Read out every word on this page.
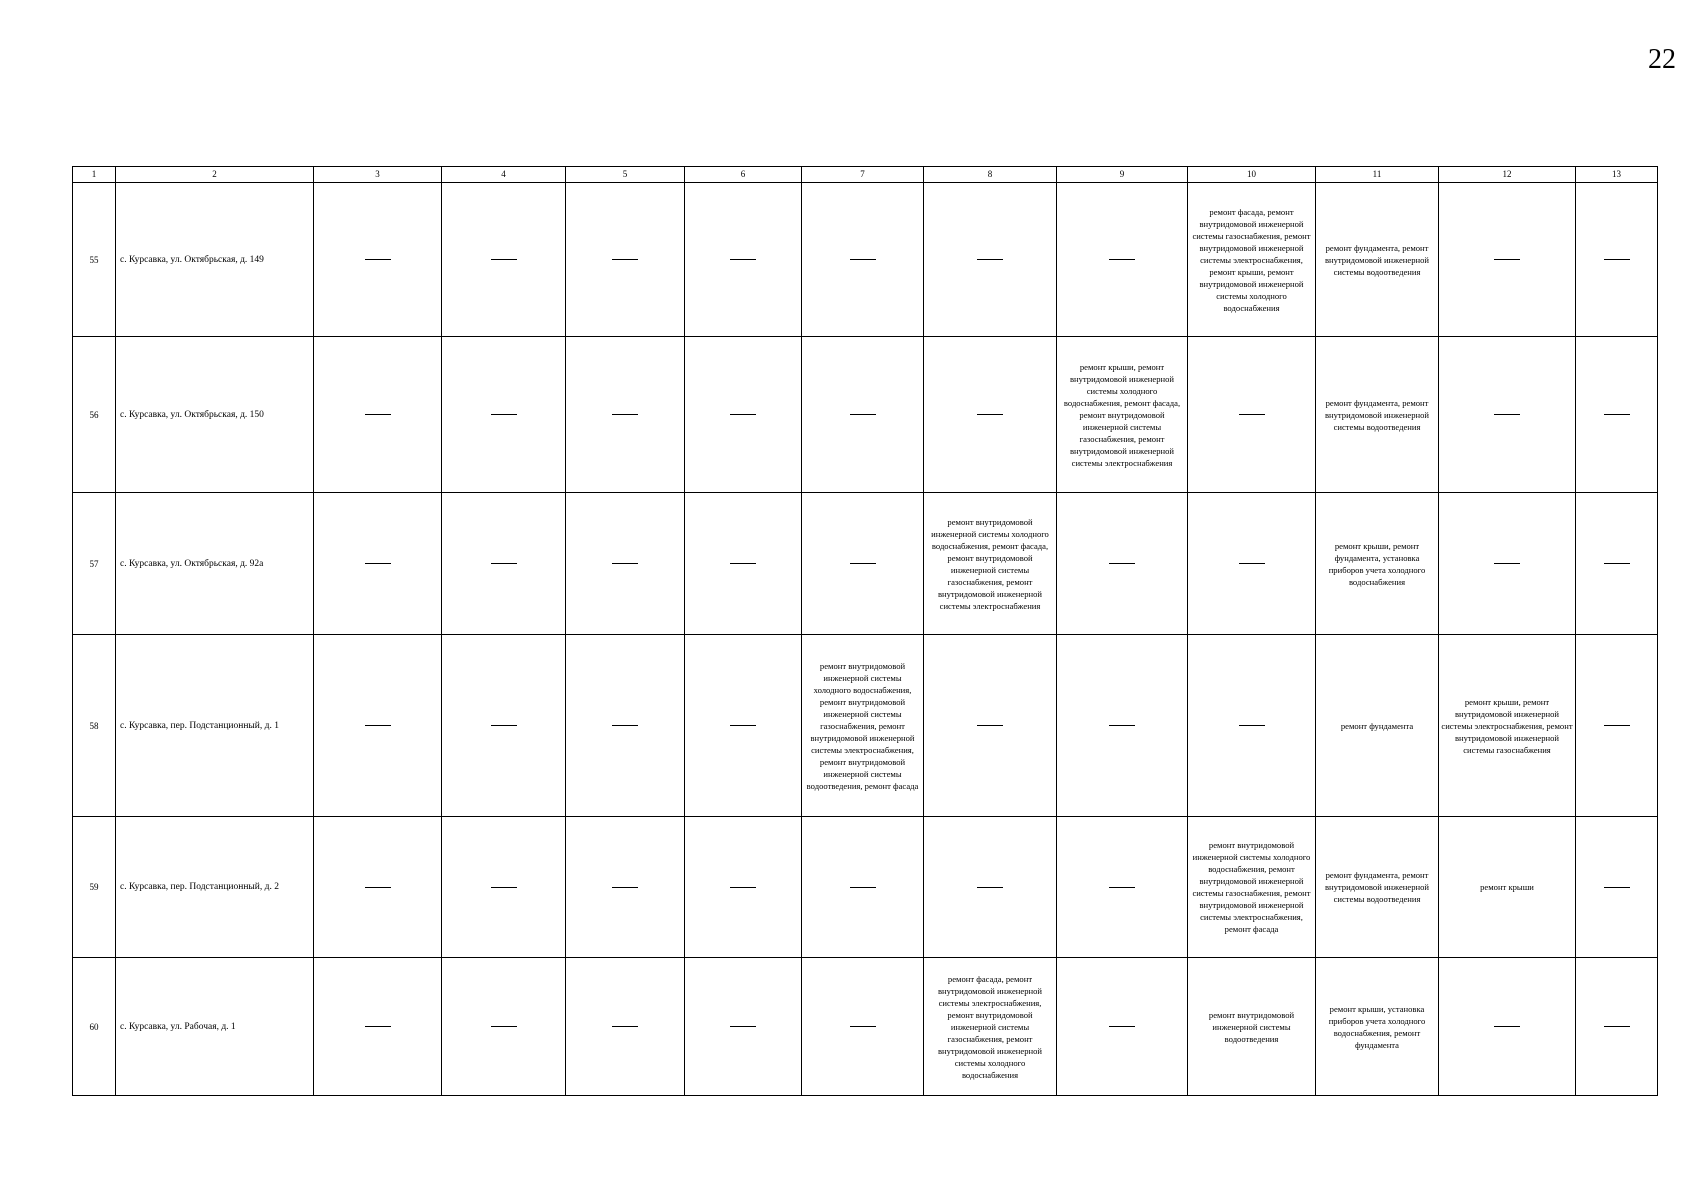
22
1	2	3	4	5	6	7	8	9	10	11	12	13
55	с. Курсавка, ул. Октябрьская, д. 149								ремонт фасада, ремонт внутридомовой инженерной системы газоснабжения, ремонт внутридомовой инженерной системы электроснабжения, ремонт крыши, ремонт внутридомовой инженерной системы холодного водоснабжения	ремонт фундамента, ремонт внутридомовой инженерной системы водоотведения		
56	с. Курсавка, ул. Октябрьская, д. 150							ремонт крыши, ремонт внутридомовой инженерной системы холодного водоснабжения, ремонт фасада, ремонт внутридомовой инженерной системы газоснабжения, ремонт внутридомовой инженерной системы электроснабжения		ремонт фундамента, ремонт внутридомовой инженерной системы водоотведения		
57	с. Курсавка, ул. Октябрьская, д. 92а						ремонт внутридомовой инженерной системы холодного водоснабжения, ремонт фасада, ремонт внутридомовой инженерной системы газоснабжения, ремонт внутридомовой инженерной системы электроснабжения			ремонт крыши, ремонт фундамента, установка приборов учета холодного водоснабжения		
58	с. Курсавка, пер. Подстанционный, д. 1					ремонт внутридомовой инженерной системы холодного водоснабжения, ремонт внутридомовой инженерной системы газоснабжения, ремонт внутридомовой инженерной системы электроснабжения, ремонт внутридомовой инженерной системы водоотведения, ремонт фасада				ремонт фундамента	ремонт крыши, ремонт внутридомовой инженерной системы электроснабжения, ремонт внутридомовой инженерной системы газоснабжения	
59	с. Курсавка, пер. Подстанционный, д. 2								ремонт внутридомовой инженерной системы холодного водоснабжения, ремонт внутридомовой инженерной системы газоснабжения, ремонт внутридомовой инженерной системы электроснабжения, ремонт фасада	ремонт фундамента, ремонт внутридомовой инженерной системы водоотведения	ремонт крыши	
60	с. Курсавка, ул. Рабочая, д. 1						ремонт фасада, ремонт внутридомовой инженерной системы электроснабжения, ремонт внутридомовой инженерной системы газоснабжения, ремонт внутридомовой инженерной системы холодного водоснабжения		ремонт внутридомовой инженерной системы водоотведения	ремонт крыши, установка приборов учета холодного водоснабжения, ремонт фундамента		
